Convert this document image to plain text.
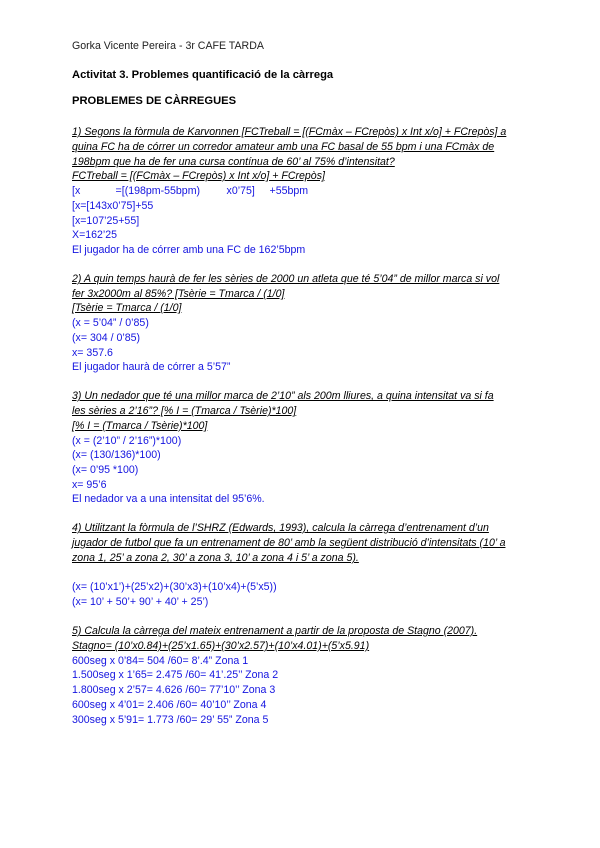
Gorka Vicente Pereira - 3r CAFE TARDA
Activitat 3. Problemes quantificació de la càrrega
PROBLEMES DE CÀRREGUES
1) Segons la fòrmula de Karvonnen [FCTreball = [(FCmàx – FCrepòs) x Int x/o] + FCrepòs] a
quina FC ha de córrer un corredor amateur amb una FC basal de 55 bpm i una FCmàx de
198bpm que ha de fer una cursa contínua de 60’ al 75% d’intensitat?
FCTreball = [(FCmàx – FCrepòs) x Int x/o] + FCrepòs]
[x            =[(198pm-55bpm)         x0’75]     +55bpm
[x=[143x0’75]+55
[x=107’25+55]
X=162’25
El jugador ha de córrer amb una FC de 162’5bpm
2) A quin temps haurà de fer les sèries de 2000 un atleta que té 5’04” de millor marca si vol
fer 3x2000m al 85%? [Tsèrie = Tmarca / (1/0]
[Tsèrie = Tmarca / (1/0]
(x = 5’04” / 0’85)
(x= 304 / 0’85)
x= 357.6
El jugador haurà de córrer a 5’57”
3) Un nedador que té una millor marca de 2’10” als 200m lliures, a quina intensitat va si fa
les sèries a 2’16”? [% I = (Tmarca / Tsèrie)*100]
[% I = (Tmarca / Tsèrie)*100]
(x = (2’10” / 2’16”)*100)
(x= (130/136)*100)
(x= 0’95 *100)
x= 95’6
El nedador va a una intensitat del 95’6%.
4) Utilitzant la fòrmula de l’SHRZ (Edwards, 1993), calcula la càrrega d’entrenament d’un
jugador de futbol que fa un entrenament de 80’ amb la següent distribució d’intensitats (10’ a
zona 1, 25’ a zona 2, 30’ a zona 3, 10’ a zona 4 i 5’ a zona 5).
(x= (10’x1’)+(25’x2)+(30’x3)+(10’x4)+(5’x5))
(x= 10’ + 50’+ 90’ + 40’ + 25’)
5) Calcula la càrrega del mateix entrenament a partir de la proposta de Stagno (2007).
Stagno= (10’x0.84)+(25’x1.65)+(30’x2.57)+(10’x4.01)+(5’x5.91)
600seg x 0’84= 504 /60= 8’.4” Zona 1
1.500seg x 1’65= 2.475 /60= 41’.25’’ Zona 2
1.800seg x 2’57= 4.626 /60= 77’10’’ Zona 3
600seg x 4’01= 2.406 /60= 40’10’’ Zona 4
300seg x 5’91= 1.773 /60= 29’ 55” Zona 5
